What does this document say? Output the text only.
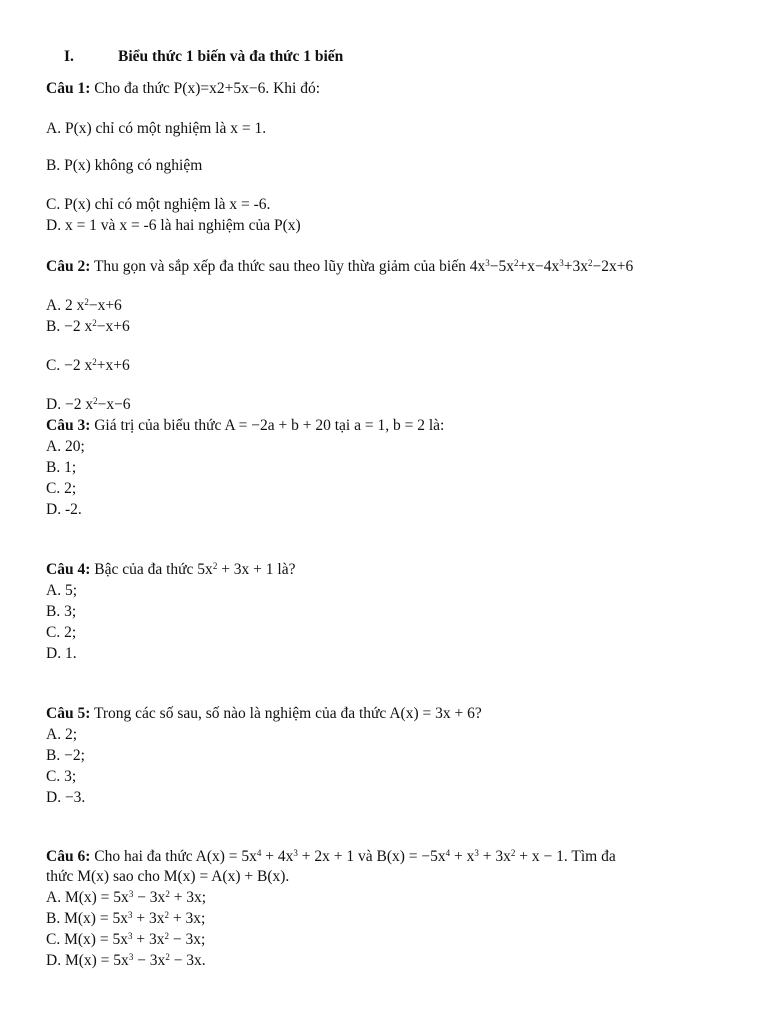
I.	Biểu thức 1 biến và đa thức 1 biến
Câu 1: Cho đa thức P(x)=x2+5x−6. Khi đó:
A. P(x) chỉ có một nghiệm là x = 1.
B. P(x) không có nghiệm
C. P(x) chỉ có một nghiệm là x = -6.
D. x = 1 và x = -6 là hai nghiệm của P(x)
Câu 2: Thu gọn và sắp xếp đa thức sau theo lũy thừa giảm của biến $4x^3-5x^2+x-4x^3+3x^2-2x+6$
A. 2 $x^2-x+6$
B. −2 $x^2-x+6$
C. −2 $x^2+x+6$
D. −2 $x^2-x-6$
Câu 3: Giá trị của biểu thức A = −2a + b + 20 tại a = 1, b = 2 là:
A. 20;
B. 1;
C. 2;
D. -2.
Câu 4: Bậc của đa thức $5x^2 + 3x + 1$ là?
A. 5;
B. 3;
C. 2;
D. 1.
Câu 5: Trong các số sau, số nào là nghiệm của đa thức A(x) = 3x + 6?
A. 2;
B. −2;
C. 3;
D. −3.
Câu 6: Cho hai đa thức $A(x) = 5x^4 + 4x^3 + 2x + 1$ và $B(x) = -5x^4 + x^3 + 3x^2 + x - 1$. Tìm đa
thức M(x) sao cho M(x) = A(x) + B(x).
A. $M(x) = 5x^3 - 3x^2 + 3x$;
B. $M(x) = 5x^3 + 3x^2 + 3x$;
C. $M(x) = 5x^3 + 3x^2 - 3x$;
D. $M(x) = 5x^3 - 3x^2 - 3x$.
